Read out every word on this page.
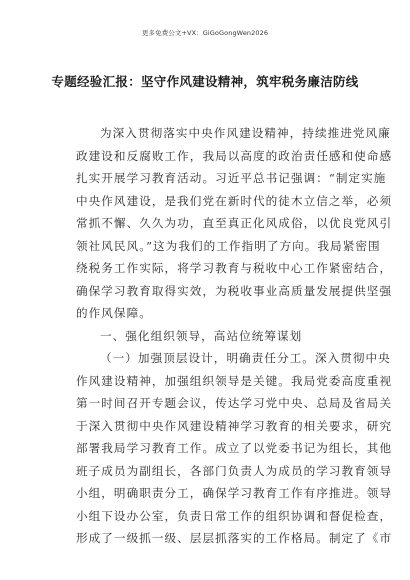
更多免费公文+VX：GiGoGongWen2026
专题经验汇报：坚守作风建设精神，筑牢税务廉洁防线
为深入贯彻落实中央作风建设精神，持续推进党风廉
政建设和反腐败工作，我局以高度的政治责任感和使命感
扎实开展学习教育活动。习近平总书记强调：“制定实施
中央作风建设，是我们党在新时代的徒木立信之举，必须
常抓不懈、久久为功，直至真正化风成俗，以优良党风引
领社风民风。”这为我们的工作指明了方向。我局紧密围
绕税务工作实际，将学习教育与税收中心工作紧密结合，
确保学习教育取得实效，为税收事业高质量发展提供坚强
的作风保障。
一、强化组织领导，高站位统筹谋划
（一）加强顶层设计，明确责任分工。深入贯彻中央
作风建设精神，加强组织领导是关键。我局党委高度重视
第一时间召开专题会议，传达学习党中央、总局及省局关
于深入贯彻中央作风建设精神学习教育的相关要求，研究
部署我局学习教育工作。成立了以党委书记为组长，其他
班子成员为副组长，各部门负责人为成员的学习教育领导
小组，明确职责分工，确保学习教育工作有序推进。领导
小组下设办公室，负责日常工作的组织协调和督促检查，
形成了一级抓一级、层层抓落实的工作格局。制定了《市
